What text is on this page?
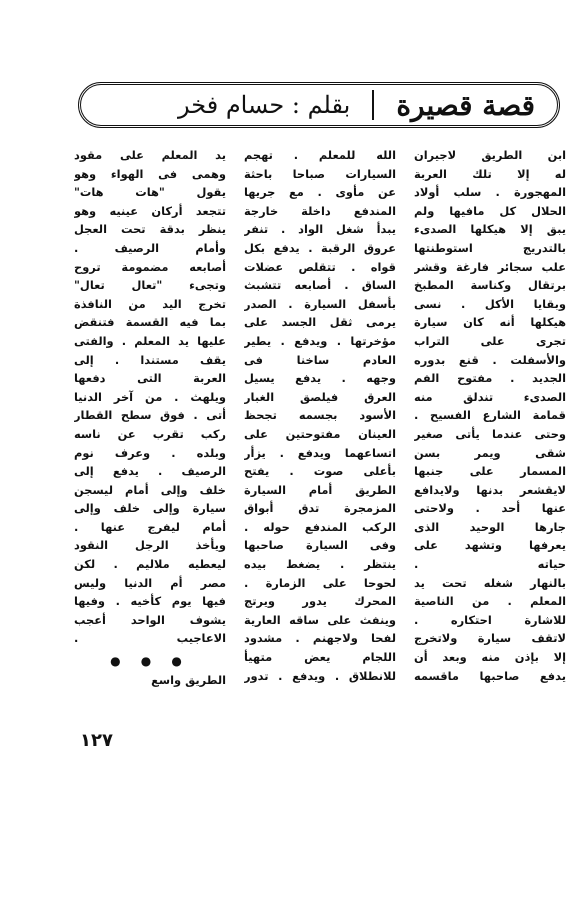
قصة قصيرة
بقلم : حسام فخر
ابن الطريق لاجيران
له إلا تلك العربة
المهجورة . سلب أولاد
الحلال كل مافيها ولم
يبق إلا هيكلها الصدىء
بالتدريج استوطنتها
علب سجائر فارغة وقشر
برتقال وكناسة المطبخ
وبقايا الأكل . نسى
هيكلها أنه كان سيارة
تجرى على التراب
والأسفلت . قنع بدوره
الجديد . مفتوح الفم
الصدىء تندلق منه
قمامة الشارع الفسيح .
وحتى عندما يأتى صغير
شقى ويمر بسن
المسمار على جنبها
لايقشعر بدنها ولايدافع
عنها أحد . ولاحتى
جارها الوحيد الذى
يعرفها وتشهد على
حياته .
بالنهار شغله تحت يد
المعلم . من الناصية
للاشارة احتكاره .
لاتقف سيارة ولاتخرج
إلا بإذن منه وبعد أن
يدفع صاحبها ماقسمه
الله للمعلم . تهجم
السيارات صباحا باحثة
عن مأوى . مع جريها
المندفع داخلة خارجة
يبدأ شغل الواد . تنفر
عروق الرقبة . يدفع بكل
قواه . تتقلص عضلات
الساق . أصابعه تتشبث
بأسفل السيارة . الصدر
يرمى ثقل الجسد على
مؤخرتها . ويدفع . يطير
العادم ساخنا فى
وجهه . يدفع يسيل
العرق فيلصق الغبار
الأسود بجسمه تجحظ
العينان مفتوحتين على
اتساعهما ويدفع . يزأر
بأعلى صوت . يفتح
الطريق أمام السيارة
المزمجرة تدق أبواق
الركب المندفع حوله .
وفى السيارة صاحبها
ينتظر . يضغط بيده
لحوحا على الزمارة .
المحرك يدور ويرتج
وينفث على ساقه العارية
لفحا ولاجهنم . مشدود
اللجام يعض متهيأ
للانطلاق . ويدفع . تدور
يد المعلم على مقود
وهمى فى الهواء وهو
يقول "هات هات"
تتجعد أركان عينيه وهو
ينظر بدقة تحت العجل
وأمام الرصيف .
أصابعه مضمومة تروح
وتجىء "تعال تعال"
تخرج اليد من النافذة
بما فيه القسمة فتنقض
عليها يد المعلم . والفتى
يقف مستندا . إلى
العربة التى دفعها
ويلهث . من آخر الدنيا
أتى . فوق سطح القطار
ركب تقرب عن ناسه
وبلده . وعرف نوم
الرصيف . يدفع إلى
خلف وإلى أمام ليسجن
سيارة وإلى خلف وإلى
أمام ليفرج عنها .
ويأخذ الرجل النقود
ليعطيه ملاليم . لكن
مصر أم الدنيا وليس
فيها يوم كأخيه . وفيها
يشوف الواحد أعجب
الاعاجيب .
● ● ●
الطريق واسع
١٢٧
